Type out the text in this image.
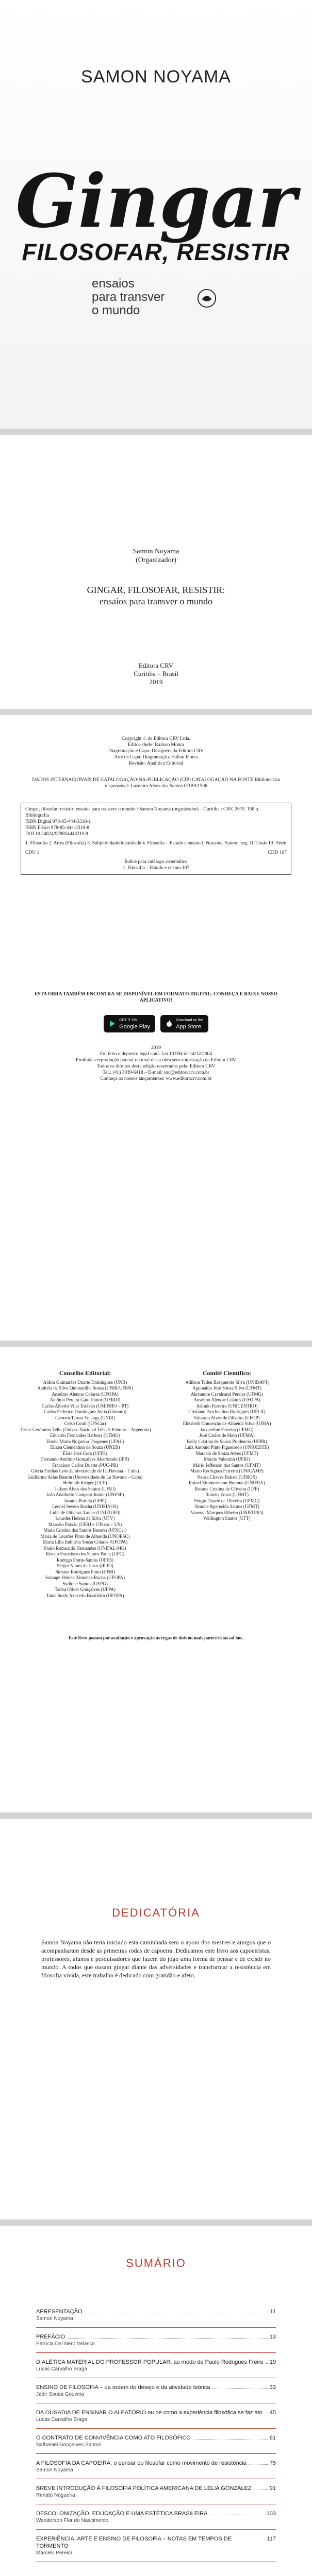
SAMON NOYAMA
Gingar
FILOSOFAR, RESISTIR
ensaios
para transver
o mundo
Samon Noyama
(Organizador)
GINGAR, FILOSOFAR, RESISTIR:
ensaios para transver o mundo
Editora CRV
Curitiba – Brasil
2019
Copyright © da Editora CRV Ltda.
Editor-chefe: Railson Moura
Diagramação e Capa: Designers da Editora CRV
Arte de Capa: Diagramação, Hallan Flores
Revisão: Analitica Editorial
DADOS INTERNACIONAIS DE CATALOGAÇÃO-NA-PUBLICAÇÃO (CIP) CATALOGAÇÃO NA FONTE Bibliotecária responsável: Luzenira Alves dos Santos CRB9/1506
Gingar, filosofar, resistir: ensaios para transver o mundo / Samon Noyama (organizador) – Curitiba : CRV, 2019. 158 p.
Bibliografia
ISBN Digital 978-85-444-3318-1
ISBN Físico 978-85-444-3319-8
DOI 10.24824/978854443319.8
1. Filosofia 2. Artes (Filosofia) 3. Subjetividade/Identidade 4. Filosofia – Estudo e ensino I. Noyama, Samon, org. II. Título III. Série
CDU 1	CDD 107
Índice para catálogo sistemático
1. Filosofia – Estudo e ensino 107
ESTA OBRA TAMBÉM ENCONTRA-SE DISPONÍVEL EM FORMATO DIGITAL. CONHEÇA E BAIXE NOSSO APLICATIVO!
GET IT ON
Google Play
Download on the
App Store
2019
Foi feito o depósito legal conf. Lei 10.994 de 14/12/2004
Proibida a reprodução parcial ou total desta obra sem autorização da Editora CRV
Todos os direitos desta edição reservados pela: Editora CRV
Tel.: (41) 3039-6418 – E-mail: sac@editoracrv.com.br
Conheça os nossos lançamentos: www.editoracrv.com.br
Conselho Editorial:
Aldira Guimarães Duarte Domínguez (UNB)
Andréia da Silva Quintanilha Sousa (UNIR/UFRN)
Anselmo Alencar Colares (UFOPA)
Antônio Pereira Gaio Júnior (UFRRJ)
Carlos Alberto Vilar Estêvão (UMINHO – PT)
Carlos Federico Dominguez Avila (Unieuro)
Carmen Tereza Velanga (UNIR)
Celso Conti (UFSCar)
Cesar Gerónimo Tello (Univer. Nacional Três de Febrero – Argentina)
Eduardo Fernandes Barbosa (UFMG)
Elione Maria Nogueira Diogenes (UFAL)
Elizeu Clementino de Souza (UNEB)
Élsio José Corá (UFFS)
Fernando Antônio Gonçalves Alcoforado (IPB)
Francisco Carlos Duarte (PUC-PR)
Gloria Fariñas León (Universidade de La Havana – Cuba)
Guillermo Arias Beatón (Universidade de La Havana – Cuba)
Helmuth Krüger (UCP)
Jailson Alves dos Santos (UFRJ)
João Adalberto Campato Junior (UNESP)
Josania Portela (UFPI)
Leonel Severo Rocha (UNISINOS)
Lídia de Oliveira Xavier (UNIEURO)
Lourdes Helena da Silva (UFV)
Marcelo Paixão (UFRJ e UTexas – US)
Maria Cristina dos Santos Bezerra (UFSCar)
Maria de Lourdes Pinto de Almeida (UNOESC)
Maria Lília Imbiriba Sousa Colares (UFOPA)
Paulo Romualdo Hernandes (UNIFAL-MG)
Renato Francisco dos Santos Paula (UFG)
Rodrigo Pratte-Santos (UFES)
Sérgio Nunes de Jesus (IFRO)
Simone Rodrigues Pinto (UNB)
Solange Helena Ximenes-Rocha (UFOPA)
Sydione Santos (UEPG)
Tadeu Oliver Gonçalves (UFPA)
Tania Suely Azevedo Brasileiro (UFOPA)
Comitê Científico:
Adilson Tadeu Basquerote Silva (UNIDAVI)
Aguinaldo José Souza Silva (UFMT)
Alexandre Cavalcanti Pereira (UFMG)
Anselmo Alencar Colares (UFOPA)
Arlindo Ferreira (UNICENTRO)
Cristiane Paschoalino Rodrigues (UFLA)
Eduardo Alves de Oliveira (UFOP)
Elizabeth Conceição de Almeida Silva (UFBA)
Jacqueline Ferreira (UFMG)
José Carlos de Melo (UFMA)
Kelly Cristina de Souza Prudencio (UFPR)
Luiz Antonio Pinto Figueiredo (UNIOESTE)
Marcelo de Souza Alves (UFMT)
Márcio Valentim (UFRJ)
Mário Jefferson dos Santos (UFMT)
Mario Rodrigues Ferreira (UNICAMP)
Neusa Chaves Batista (UFRGS)
Rafael Zimmermann Homma (UNIFRA)
Rosane Cristina de Oliveira (UFF)
Rubens Zorzo (UFMT)
Sérgio Duarte de Oliveira (UFMG)
Simone Aparecida Santos (UFMT)
Vanessa Marques Ribeiro (UNIEURO)
Wellington Santos (UFT)
Este livro passou por avaliação e aprovação às cegas de dois ou mais pareceristas ad hoc.
DEDICATÓRIA
Samon Noyama não teria iniciado esta caminhada sem o apoio dos mestres e amigos que o acompanharam desde as primeiras rodas de capoeira. Dedicamos este livro aos capoeiristas, professores, alunos e pesquisadores que fazem do jogo uma forma de pensar e de existir no mundo. A todos que ousam gingar diante das adversidades e transformar a resistência em filosofia vivida, este trabalho é dedicado com gratidão e afeto.
SUMÁRIO
APRESENTAÇÃO	11
Samon Noyama
PREFÁCIO	13
Patrícia Del Nero Velasco
DIALÉTICA MATERIAL DO PROFESSOR POPULAR, ao modo de Paulo Rodrigues Freire 19
Lucas Carvalho Braga
ENSINO DE FILOSOFIA – da ordem do desejo e da atividade teórica	33
Jadir Sousa Gouveia
DA OUSADIA DE ENSINAR O ALEATÓRIO ou de como a experiência filosófica se faz ato 45
Lucas Carvalho Braga
O CONTRATO DE CONVIVÊNCIA COMO ATO FILOSÓFICO	61
Nathaniel Gonçalves Santos
A FILOSOFIA DA CAPOEIRA: o pensar ou filosofar como movimento de resistência	75
Samon Noyama
BREVE INTRODUÇÃO À FILOSOFIA POLÍTICA AMERICANA DE LÉLIA GONZÁLEZ	91
Renato Nogueira
DESCOLONIZAÇÃO, EDUCAÇÃO E UMA ESTÉTICA BRASILEIRA	103
Wanderson Flor do Nascimento
EXPERIÊNCIA, ARTE E ENSINO DE FILOSOFIA – NOTAS EM TEMPOS DE TORMENTO
117
Marcelo Pereira
